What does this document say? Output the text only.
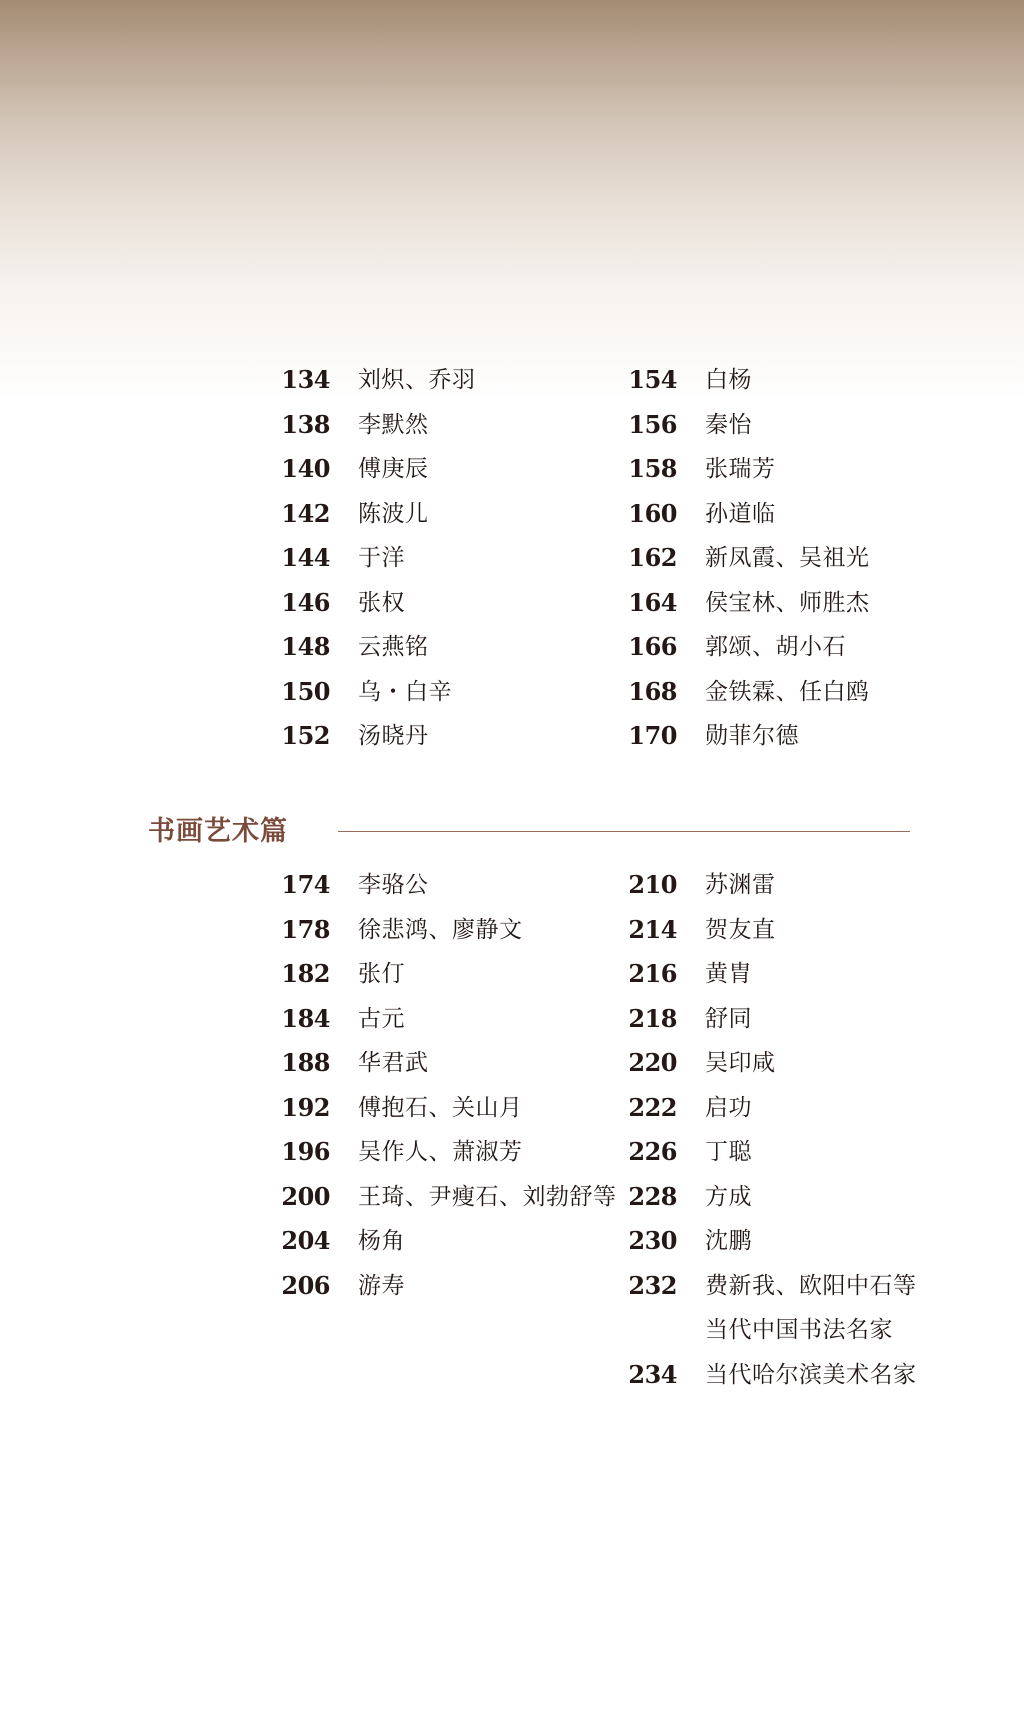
134 刘炽、乔羽
138 李默然
140 傅庚辰
142 陈波儿
144 于洋
146 张权
148 云燕铭
150 乌・白辛
152 汤晓丹
154 白杨
156 秦怡
158 张瑞芳
160 孙道临
162 新凤霞、吴祖光
164 侯宝林、师胜杰
166 郭颂、胡小石
168 金铁霖、任白鸥
170 勋菲尔德
书画艺术篇
174 李骆公
178 徐悲鸿、廖静文
182 张仃
184 古元
188 华君武
192 傅抱石、关山月
196 吴作人、萧淑芳
200 王琦、尹瘦石、刘勃舒等
204 杨角
206 游寿
210 苏渊雷
214 贺友直
216 黄胄
218 舒同
220 吴印咸
222 启功
226 丁聪
228 方成
230 沈鹏
232 费新我、欧阳中石等
当代中国书法名家
234 当代哈尔滨美术名家
